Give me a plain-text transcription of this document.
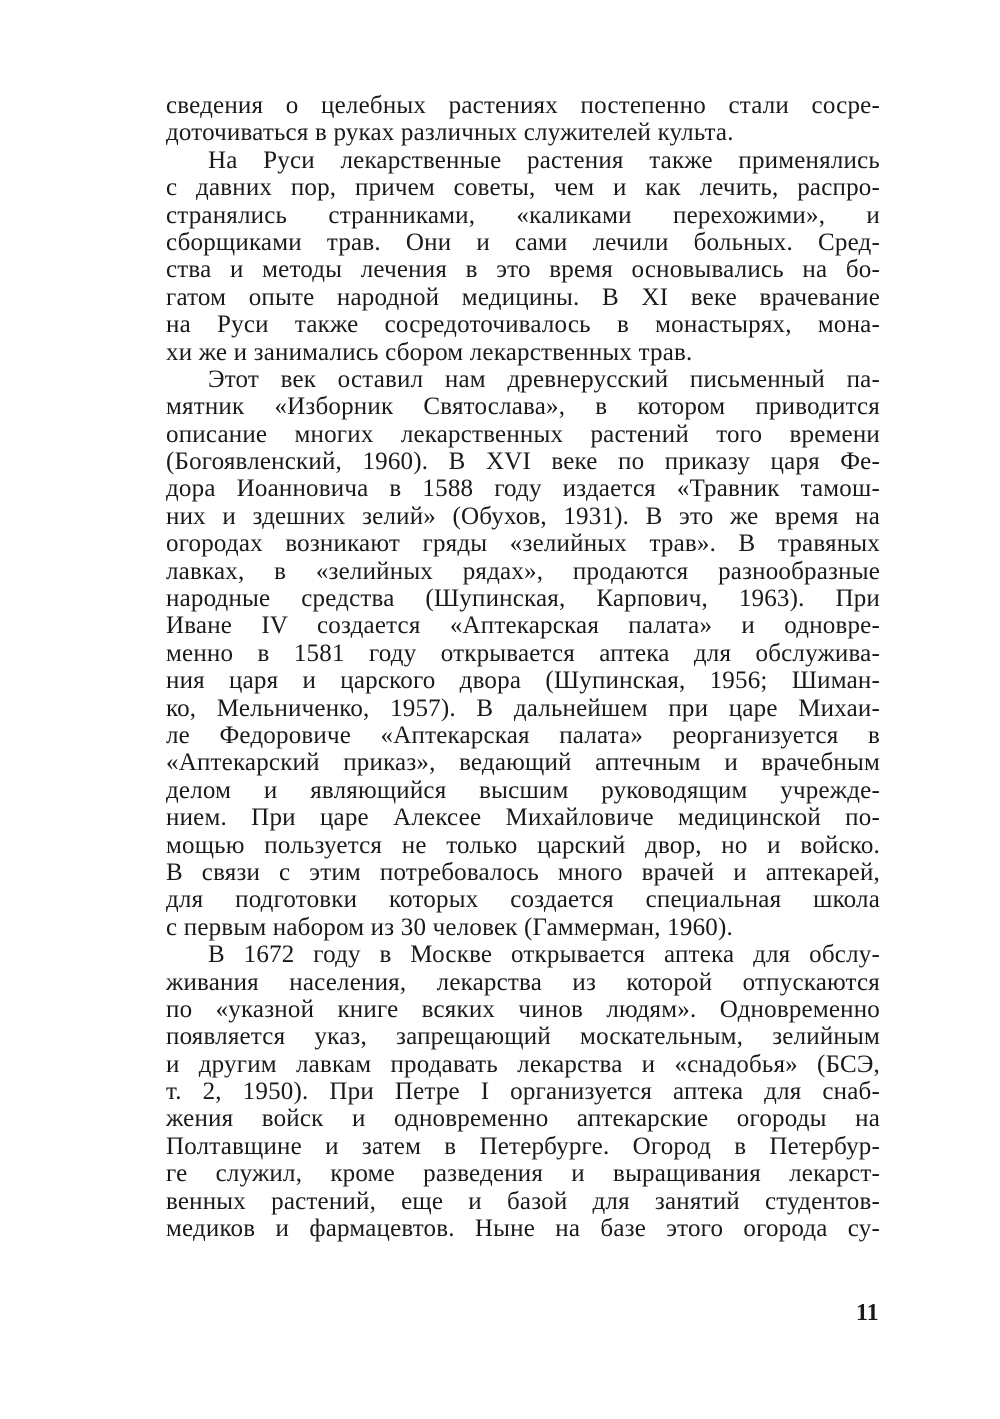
сведения о целебных растениях постепенно стали сосре-
доточиваться в руках различных служителей культа.
На Руси лекарственные растения также применялись
с давних пор, причем советы, чем и как лечить, распро-
странялись странниками, «каликами перехожими», и
сборщиками трав. Они и сами лечили больных. Сред-
ства и методы лечения в это время основывались на бо-
гатом опыте народной медицины. В XI веке врачевание
на Руси также сосредоточивалось в монастырях, мона-
хи же и занимались сбором лекарственных трав.
Этот век оставил нам древнерусский письменный па-
мятник «Изборник Святослава», в котором приводится
описание многих лекарственных растений того времени
(Богоявленский, 1960). В XVI веке по приказу царя Фе-
дора Иоанновича в 1588 году издается «Травник тамош-
них и здешних зелий» (Обухов, 1931). В это же время на
огородах возникают гряды «зелийных трав». В травяных
лавках, в «зелийных рядах», продаются разнообразные
народные средства (Шупинская, Карпович, 1963). При
Иване IV создается «Аптекарская палата» и одновре-
менно в 1581 году открывается аптека для обслужива-
ния царя и царского двора (Шупинская, 1956; Шиман-
ко, Мельниченко, 1957). В дальнейшем при царе Михаи-
ле Федоровиче «Аптекарская палата» реорганизуется в
«Аптекарский приказ», ведающий аптечным и врачебным
делом и являющийся высшим руководящим учрежде-
нием. При царе Алексее Михайловиче медицинской по-
мощью пользуется не только царский двор, но и войско.
В связи с этим потребовалось много врачей и аптекарей,
для подготовки которых создается специальная школа
с первым набором из 30 человек (Гаммерман, 1960).
В 1672 году в Москве открывается аптека для обслу-
живания населения, лекарства из которой отпускаются
по «указной книге всяких чинов людям». Одновременно
появляется указ, запрещающий москательным, зелийным
и другим лавкам продавать лекарства и «снадобья» (БСЭ,
т. 2, 1950). При Петре I организуется аптека для снаб-
жения войск и одновременно аптекарские огороды на
Полтавщине и затем в Петербурге. Огород в Петербур-
ге служил, кроме разведения и выращивания лекарст-
венных растений, еще и базой для занятий студентов-
медиков и фармацевтов. Ныне на базе этого огорода су-
11
